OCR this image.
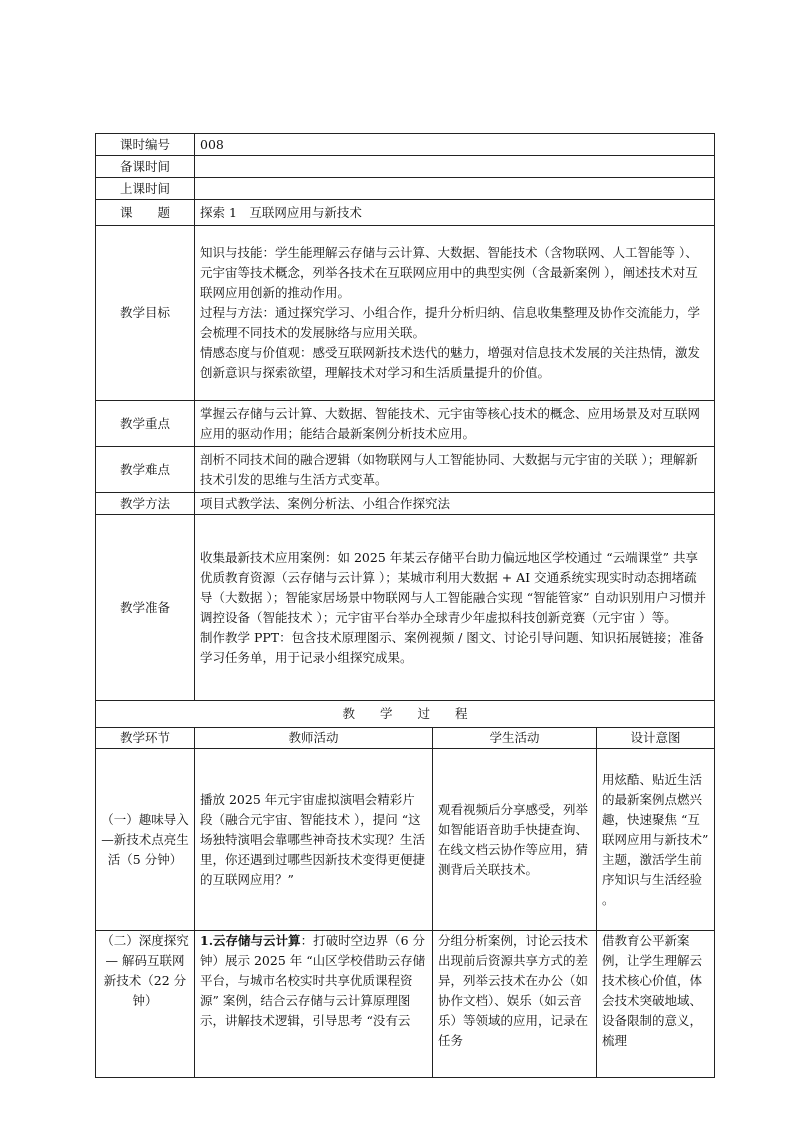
课时编号	008		
备课时间			
上课时间			
课　　题	探索 1　互联网应用与新技术		
教学目标	知识与技能：学生能理解云存储与云计算、大数据、智能技术（含物联网、人工智能等 ）、元宇宙等技术概念，列举各技术在互联网应用中的典型实例（含最新案例 ），阐述技术对互联网应用创新的推动作用。
过程与方法：通过探究学习、小组合作，提升分析归纳、信息收集整理及协作交流能力，学会梳理不同技术的发展脉络与应用关联。
情感态度与价值观：感受互联网新技术迭代的魅力，增强对信息技术发展的关注热情，激发创新意识与探索欲望，理解技术对学习和生活质量提升的价值。		

教学重点	掌握云存储与云计算、大数据、智能技术、元宇宙等核心技术的概念、应用场景及对互联网应用的驱动作用；能结合最新案例分析技术应用。		
教学难点	剖析不同技术间的融合逻辑（如物联网与人工智能协同、大数据与元宇宙的关联 ）；理解新技术引发的思维与生活方式变革。		
教学方法	项目式教学法、案例分析法、小组合作探究法		
教学准备	收集最新技术应用案例：如 2025 年某云存储平台助力偏远地区学校通过 “云端课堂” 共享优质教育资源（云存储与云计算 ）；某城市利用大数据 + AI 交通系统实现实时动态拥堵疏导（大数据 ）；智能家居场景中物联网与人工智能融合实现 “智能管家” 自动识别用户习惯并调控设备（智能技术 ）；元宇宙平台举办全球青少年虚拟科技创新竞赛（元宇宙 ）等。
制作教学 PPT：包含技术原理图示、案例视频 / 图文、讨论引导问题、知识拓展链接；准备学习任务单，用于记录小组探究成果。		

教　　学　　过　　程			
教学环节	教师活动	学生活动	设计意图
（一）趣味导入—新技术点亮生活（5 分钟）	播放 2025 年元宇宙虚拟演唱会精彩片段（融合元宇宙、智能技术 ），提问 “这场独特演唱会靠哪些神奇技术实现？生活里，你还遇到过哪些因新技术变得更便捷的互联网应用？”	观看视频后分享感受，列举如智能语音助手快捷查询、在线文档云协作等应用，猜测背后关联技术。	用炫酷、贴近生活的最新案例点燃兴趣，快速聚焦 “互联网应用与新技术” 主题，激活学生前序知识与生活经验 。
（二）深度探究 — 解码互联网新技术（22 分钟）	1.云存储与云计算：打破时空边界（6 分钟）展示 2025 年 “山区学校借助云存储平台，与城市名校实时共享优质课程资源” 案例，结合云存储与云计算原理图示，讲解技术逻辑，引导思考 “没有云	分组分析案例，讨论云技术出现前后资源共享方式的差异，列举云技术在办公（如协作文档）、娱乐（如云音乐）等领域的应用，记录在任务	借教育公平新案例，让学生理解云技术核心价值，体会技术突破地域、设备限制的意义，梳理
